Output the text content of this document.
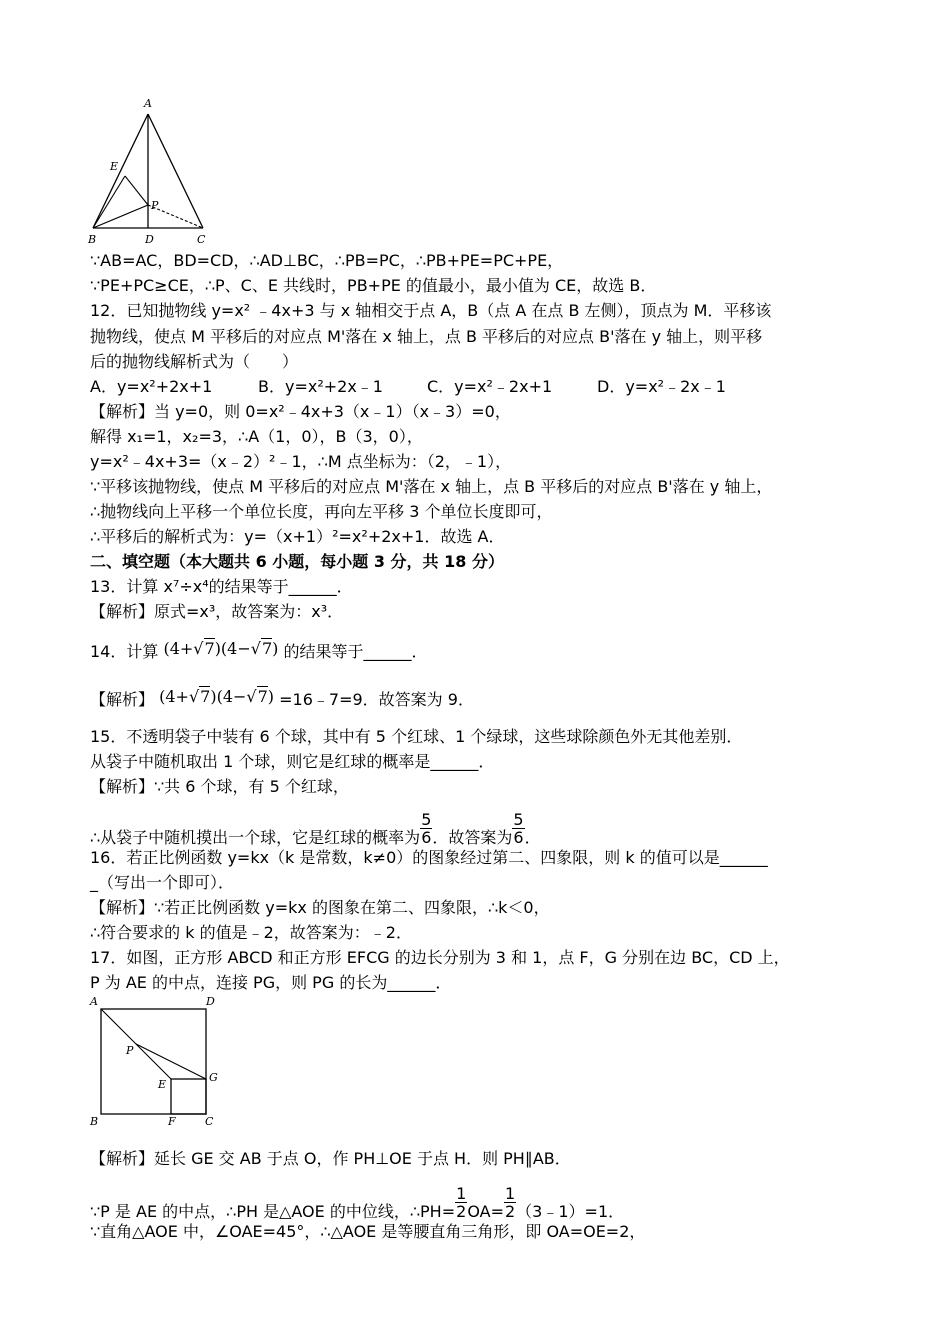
A
E
P
B	D	C
∵AB=AC，BD=CD，∴AD⊥BC，∴PB=PC，∴PB+PE=PC+PE，
∵PE+PC≥CE，∴P、C、E 共线时，PB+PE 的值最小，最小值为 CE，故选 B．
12．已知抛物线 y=x² ﹣4x+3 与 x 轴相交于点 A，B（点 A 在点 B 左侧），顶点为 M．平移该
抛物线，使点 M 平移后的对应点 M'落在 x 轴上，点 B 平移后的对应点 B'落在 y 轴上，则平移
后的抛物线解析式为（　　）
A．y=x²+2x+1	B．y=x²+2x﹣1	C．y=x²﹣2x+1	D．y=x²﹣2x﹣1
【解析】当 y=0，则 0=x²﹣4x+3（x﹣1）（x﹣3）=0，
解得 x₁=1，x₂=3，∴A（1，0），B（3，0），
y=x²﹣4x+3=（x﹣2）²﹣1，∴M 点坐标为：（2，﹣1），
∵平移该抛物线，使点 M 平移后的对应点 M'落在 x 轴上，点 B 平移后的对应点 B'落在 y 轴上，
∴抛物线向上平移一个单位长度，再向左平移 3 个单位长度即可，
∴平移后的解析式为：y=（x+1）²=x²+2x+1．故选 A．
二、填空题（本大题共 6 小题，每小题 3 分，共 18 分）
13．计算 x⁷÷x⁴的结果等于______．
【解析】原式=x³，故答案为：x³．
14．计算 (4+√7)(4−√7) 的结果等于______．
【解析】 (4+√7)(4−√7) =16﹣7=9．故答案为 9．
15．不透明袋子中装有 6 个球，其中有 5 个红球、1 个绿球，这些球除颜色外无其他差别．
从袋子中随机取出 1 个球，则它是红球的概率是______．
【解析】∵共 6 个球，有 5 个红球，
∴从袋子中随机摸出一个球，它是红球的概率为 $\frac{5}{6}$ ．故答案为 $\frac{5}{6}$ ．
16．若正比例函数 y=kx（k 是常数，k≠0）的图象经过第二、四象限，则 k 的值可以是______
_（写出一个即可）．
【解析】∵若正比例函数 y=kx 的图象在第二、四象限，∴k＜0，
∴符合要求的 k 的值是﹣2，故答案为：﹣2．
17．如图，正方形 ABCD 和正方形 EFCG 的边长分别为 3 和 1，点 F，G 分别在边 BC，CD 上，
P 为 AE 的中点，连接 PG，则 PG 的长为______．
A	D
P
E
G
B	F	C
【解析】延长 GE 交 AB 于点 O，作 PH⊥OE 于点 H．则 PH∥AB．
∵P 是 AE 的中点，∴PH 是△AOE 的中位线，∴PH= $\frac{1}{2} OA= \frac{1}{2}$ （3﹣1）=1．
∵直角△AOE 中，∠OAE=45°，∴△AOE 是等腰直角三角形，即 OA=OE=2，
